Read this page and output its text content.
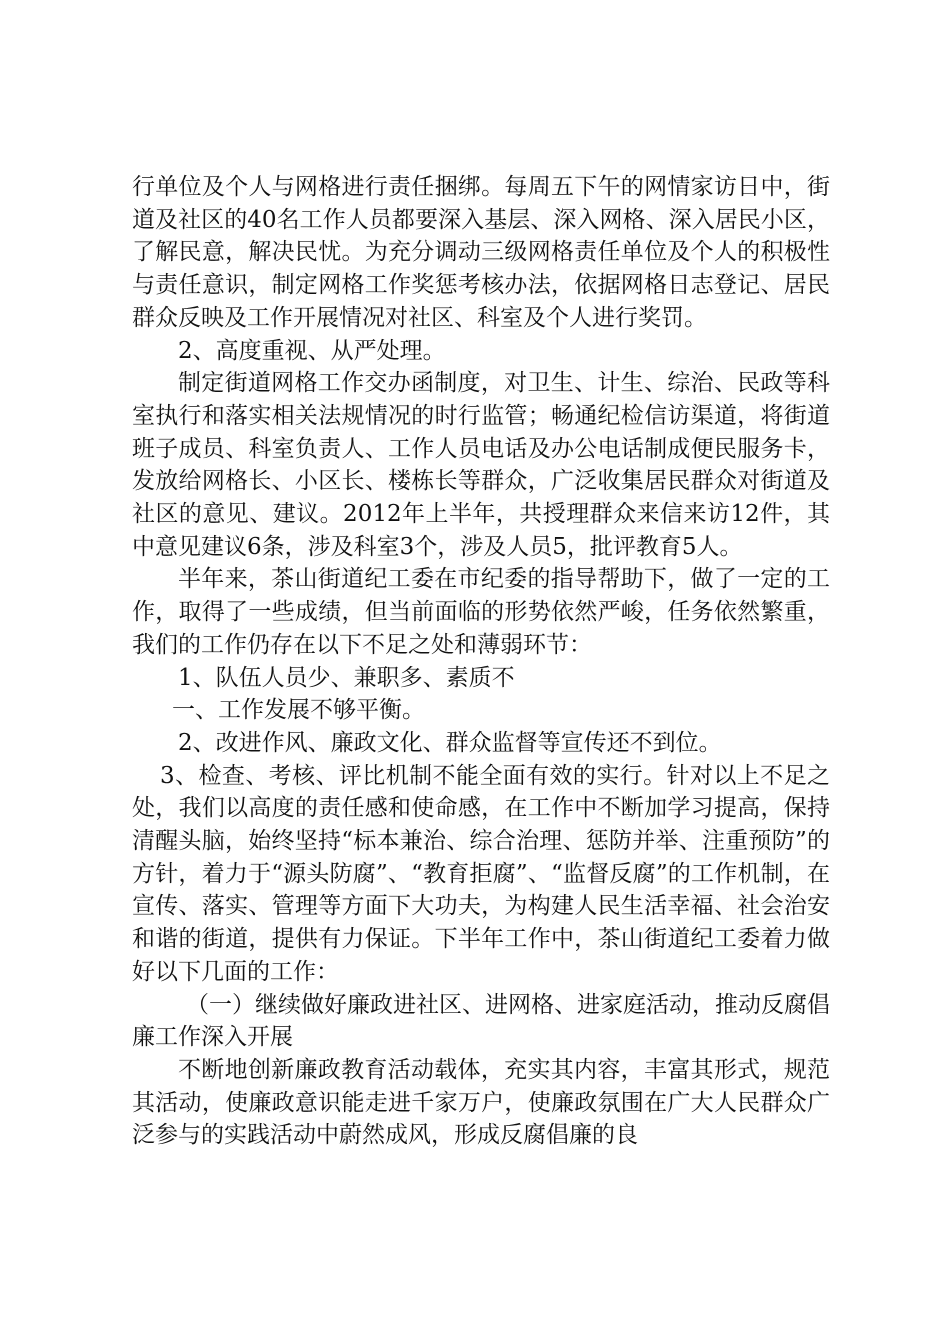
行单位及个人与网格进行责任捆绑。每周五下午的网情家访日中，街道及社区的40名工作人员都要深入基层、深入网格、深入居民小区，了解民意，解决民忧。为充分调动三级网格责任单位及个人的积极性与责任意识，制定网格工作奖惩考核办法，依据网格日志登记、居民群众反映及工作开展情况对社区、科室及个人进行奖罚。

2、高度重视、从严处理。

制定街道网格工作交办函制度，对卫生、计生、综治、民政等科室执行和落实相关法规情况的时行监管；畅通纪检信访渠道，将街道班子成员、科室负责人、工作人员电话及办公电话制成便民服务卡，发放给网格长、小区长、楼栋长等群众，广泛收集居民群众对街道及社区的意见、建议。2012年上半年，共授理群众来信来访12件，其中意见建议6条，涉及科室3个，涉及人员5，批评教育5人。

半年来，茶山街道纪工委在市纪委的指导帮助下，做了一定的工作，取得了一些成绩，但当前面临的形势依然严峻，任务依然繁重，我们的工作仍存在以下不足之处和薄弱环节：

1、队伍人员少、兼职多、素质不

一、工作发展不够平衡。

2、改进作风、廉政文化、群众监督等宣传还不到位。

3、检查、考核、评比机制不能全面有效的实行。针对以上不足之处，我们以高度的责任感和使命感，在工作中不断加学习提高，保持清醒头脑，始终坚持“标本兼治、综合治理、惩防并举、注重预防”的方针，着力于“源头防腐”、“教育拒腐”、“监督反腐”的工作机制，在宣传、落实、管理等方面下大功夫，为构建人民生活幸福、社会治安和谐的街道，提供有力保证。下半年工作中，茶山街道纪工委着力做好以下几面的工作：

（一）继续做好廉政进社区、进网格、进家庭活动，推动反腐倡廉工作深入开展

不断地创新廉政教育活动载体，充实其内容，丰富其形式，规范其活动，使廉政意识能走进千家万户，使廉政氛围在广大人民群众广泛参与的实践活动中蔚然成风，形成反腐倡廉的良
